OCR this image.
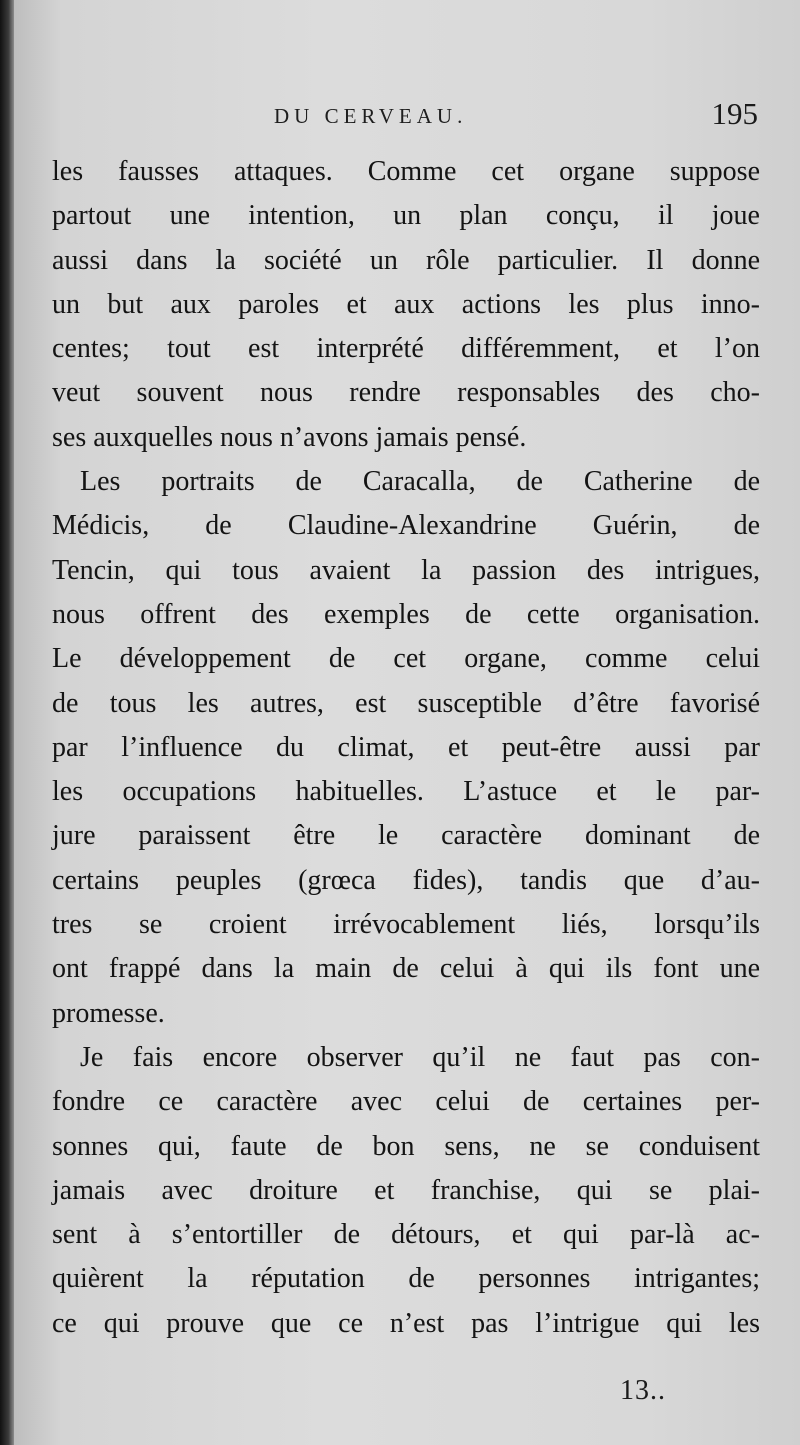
DU CERVEAU.	195
les fausses attaques. Comme cet organe suppose
partout une intention, un plan conçu, il joue
aussi dans la société un rôle particulier. Il donne
un but aux paroles et aux actions les plus inno-
centes; tout est interprété différemment, et l’on
veut souvent nous rendre responsables des cho-
ses auxquelles nous n’avons jamais pensé.
Les portraits de Caracalla, de Catherine de
Médicis, de Claudine-Alexandrine Guérin, de
Tencin, qui tous avaient la passion des intrigues,
nous offrent des exemples de cette organisation.
Le développement de cet organe, comme celui
de tous les autres, est susceptible d’être favorisé
par l’influence du climat, et peut-être aussi par
les occupations habituelles. L’astuce et le par-
jure paraissent être le caractère dominant de
certains peuples (grœca fides), tandis que d’au-
tres se croient irrévocablement liés, lorsqu’ils
ont frappé dans la main de celui à qui ils font une
promesse.
Je fais encore observer qu’il ne faut pas con-
fondre ce caractère avec celui de certaines per-
sonnes qui, faute de bon sens, ne se conduisent
jamais avec droiture et franchise, qui se plai-
sent à s’entortiller de détours, et qui par-là ac-
quièrent la réputation de personnes intrigantes;
ce qui prouve que ce n’est pas l’intrigue qui les
13..
